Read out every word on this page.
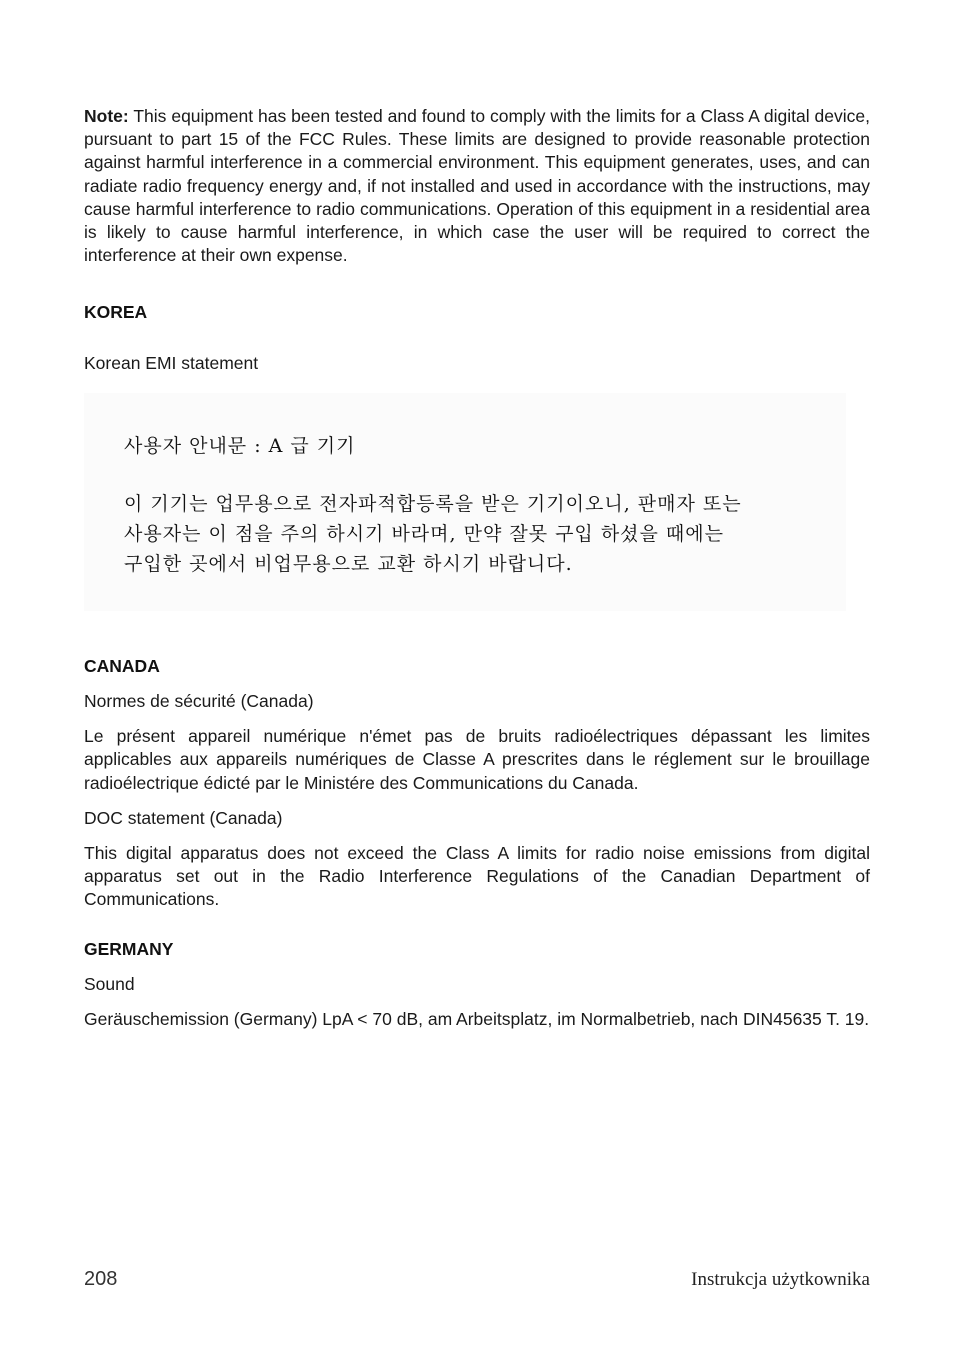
Note: This equipment has been tested and found to comply with the limits for a Class A digital device, pursuant to part 15 of the FCC Rules. These limits are designed to provide reasonable protection against harmful interference in a commercial environment. This equipment generates, uses, and can radiate radio frequency energy and, if not installed and used in accordance with the instructions, may cause harmful interference to radio communications. Operation of this equipment in a residential area is likely to cause harmful interference, in which case the user will be required to correct the interference at their own expense.

KOREA

Korean EMI statement

사용자 안내문 : A 급 기기
이 기기는 업무용으로 전자파적합등록을 받은 기기이오니, 판매자 또는
사용자는 이 점을 주의 하시기 바라며, 만약 잘못 구입 하셨을 때에는
구입한 곳에서 비업무용으로 교환 하시기 바랍니다.
CANADA

Normes de sécurité (Canada)

Le présent appareil numérique n'émet pas de bruits radioélectriques dépassant les limites applicables aux appareils numériques de Classe A prescrites dans le réglement sur le brouillage radioélectrique édicté par le Ministére des Communications du Canada.

DOC statement (Canada)

This digital apparatus does not exceed the Class A limits for radio noise emissions from digital apparatus set out in the Radio Interference Regulations of the Canadian Department of Communications.

GERMANY

Sound

Geräuschemission (Germany) LpA < 70 dB, am Arbeitsplatz, im Normalbetrieb, nach DIN45635 T. 19.

208	Instrukcja użytkownika
